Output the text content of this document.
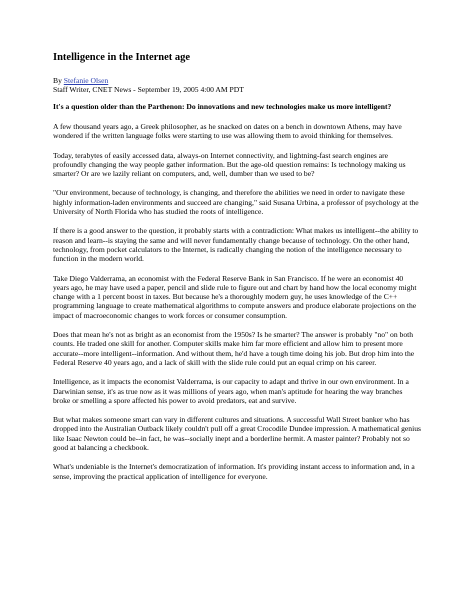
Intelligence in the Internet age
By Stefanie Olsen
Staff Writer, CNET News - September 19, 2005 4:00 AM PDT

It's a question older than the Parthenon: Do innovations and new technologies make us more intelligent?

A few thousand years ago, a Greek philosopher, as he snacked on dates on a bench in downtown Athens, may have wondered if the written language folks were starting to use was allowing them to avoid thinking for themselves.

Today, terabytes of easily accessed data, always-on Internet connectivity, and lightning-fast search engines are profoundly changing the way people gather information. But the age-old question remains: Is technology making us smarter? Or are we lazily reliant on computers, and, well, dumber than we used to be?

"Our environment, because of technology, is changing, and therefore the abilities we need in order to navigate these highly information-laden environments and succeed are changing," said Susana Urbina, a professor of psychology at the University of North Florida who has studied the roots of intelligence.

If there is a good answer to the question, it probably starts with a contradiction: What makes us intelligent--the ability to reason and learn--is staying the same and will never fundamentally change because of technology. On the other hand, technology, from pocket calculators to the Internet, is radically changing the notion of the intelligence necessary to function in the modern world.

Take Diego Valderrama, an economist with the Federal Reserve Bank in San Francisco. If he were an economist 40 years ago, he may have used a paper, pencil and slide rule to figure out and chart by hand how the local economy might change with a 1 percent boost in taxes. But because he's a thoroughly modern guy, he uses knowledge of the C++ programming language to create mathematical algorithms to compute answers and produce elaborate projections on the impact of macroeconomic changes to work forces or consumer consumption.

Does that mean he's not as bright as an economist from the 1950s? Is he smarter? The answer is probably "no" on both counts. He traded one skill for another. Computer skills make him far more efficient and allow him to present more accurate--more intelligent--information. And without them, he'd have a tough time doing his job. But drop him into the Federal Reserve 40 years ago, and a lack of skill with the slide rule could put an equal crimp on his career.

Intelligence, as it impacts the economist Valderrama, is our capacity to adapt and thrive in our own environment. In a Darwinian sense, it's as true now as it was millions of years ago, when man's aptitude for hearing the way branches broke or smelling a spore affected his power to avoid predators, eat and survive.

But what makes someone smart can vary in different cultures and situations. A successful Wall Street banker who has dropped into the Australian Outback likely couldn't pull off a great Crocodile Dundee impression. A mathematical genius like Isaac Newton could be--in fact, he was--socially inept and a borderline hermit. A master painter? Probably not so good at balancing a checkbook.

What's undeniable is the Internet's democratization of information. It's providing instant access to information and, in a sense, improving the practical application of intelligence for everyone.
